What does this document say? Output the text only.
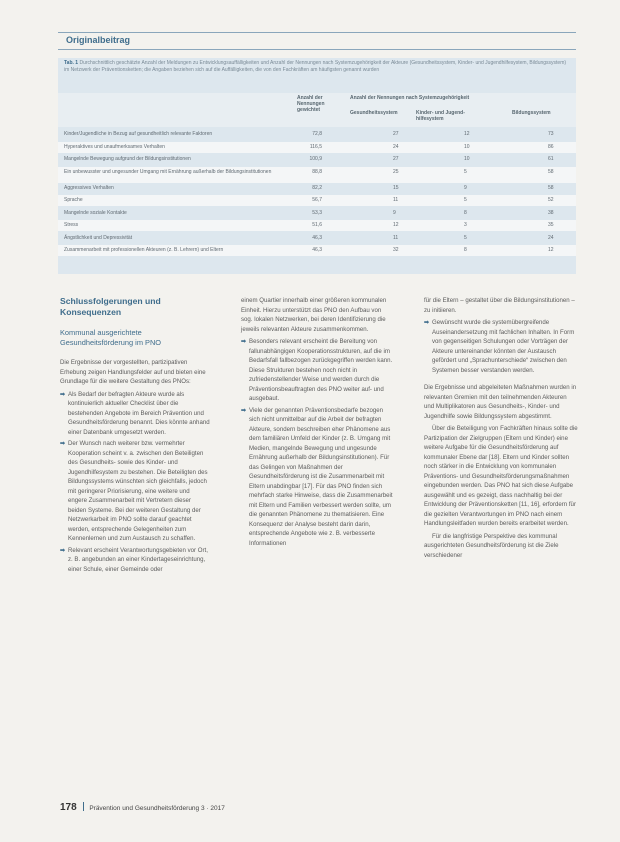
Originalbeitrag
Tab. 1 Durchschnittlich geschätzte Anzahl der Meldungen zu Entwicklungsauffälligkeiten und Anzahl der Nennungen nach Systemzugehörigkeit der Akteure (Gesundheitssystem, Kinder- und Jugendhilfesystem, Bildungssystem) im Netzwerk der Präventionsketten; die Angaben beziehen sich auf die Auffälligkeiten, die von den Fachkräften am häufigsten genannt wurden
Anzahl der Nennungen gewichtet
Anzahl der Nennungen nach Systemzugehörigkeit
Gesundheitssystem	Kinder- und Jugend-hilfesystem
Bildungssystem
Kinder/Jugendliche in Bezug auf gesundheitlich relevante Faktoren	72,8	27	12	73
Hyperaktives und unaufmerksames Verhalten	116,5	24	10	86
Mangelnde Bewegung aufgrund der Bildungsinstitutionen	100,9	27	10	61
Ein unbewusster und ungesunder Umgang mit Ernährung außerhalb der Bildungsinstitutionen	88,8	25	5	58
Aggressives Verhalten	82,2	15	9	58
Sprache	56,7	11	5	52
Mangelnde soziale Kontakte	53,3	9	8	38
Stress	51,6	12	3	35
Ängstlichkeit und Depressivität	46,3	11	5	24
Zusammenarbeit mit professionellen Akteuren (z. B. Lehrern) und Eltern	46,3	32	8	12
Schlussfolgerungen und Konsequenzen
Kommunal ausgerichtete Gesundheitsförderung im PNO

Die Ergebnisse der vorgestellten, partizipativen Erhebung zeigen Handlungsfelder auf und bieten eine Grundlage für die weitere Gestaltung des PNOs:

➡ Als Bedarf der befragten Akteure wurde als kontinuierlich aktueller Checklist über die bestehenden Angebote im Bereich Prävention und Gesundheitsförderung benannt. Dies könnte anhand einer Datenbank umgesetzt werden.
➡ Der Wunsch nach weiterer bzw. vermehrter Kooperation scheint v. a. zwischen den Beteiligten des Gesundheits- sowie des Kinder- und Jugendhilfesystem zu bestehen. Die Beteiligten des Bildungssystems wünschten sich gleichfalls, jedoch mit geringerer Priorisierung, eine weitere und engere Zusammenarbeit mit Vertretern dieser beiden Systeme. Bei der weiteren Gestaltung der Netzwerkarbeit im PNO sollte darauf geachtet werden, entsprechende Gelegenheiten zum Kennenlernen und zum Austausch zu schaffen.
➡ Relevant erscheint Verantwortungsgebieten vor Ort, z. B. angebunden an einer Kindertageseinrichtung, einer Schule, einer Gemeinde oder

einem Quartier innerhalb einer größeren kommunalen Einheit. Hierzu unterstützt das PNO den Aufbau von sog. lokalen Netzwerken, bei deren Identifizierung die jeweils relevanten Akteure zusammenkommen.

➡ Besonders relevant erscheint die Bereitung von fallunabhängigen Kooperationsstrukturen, auf die im Bedarfsfall fallbezogen zurückgegriffen werden kann. Diese Strukturen bestehen noch nicht in zufriedenstellender Weise und werden durch die Präventionsbeauftragten des PNO weiter auf- und ausgebaut.
➡ Viele der genannten Präventionsbedarfe bezogen sich nicht unmittelbar auf die Arbeit der befragten Akteure, sondern beschreiben eher Phänomene aus dem familiären Umfeld der Kinder (z. B. Umgang mit Medien, mangelnde Bewegung und ungesunde Ernährung außerhalb der Bildungsinstitutionen). Für das Gelingen von Maßnahmen der Gesundheitsförderung ist die Zusammenarbeit mit Eltern unabdingbar [17]. Für das PNO finden sich mehrfach starke Hinweise, dass die Zusammenarbeit mit Eltern und Familien verbessert werden sollte, um die genannten Phänomene zu thematisieren. Eine Konsequenz der Analyse besteht darin darin, entsprechende Angebote wie z. B. verbesserte Informationen

für die Eltern – gestaltet über die Bildungsinstitutionen – zu initiieren.

➡ Gewünscht wurde die systemübergreifende Auseinandersetzung mit fachlichen Inhalten. In Form von gegenseitigen Schulungen oder Vorträgen der Akteure untereinander könnten der Austausch gefördert und „Sprachunterschiede“ zwischen den Systemen besser verstanden werden.

Die Ergebnisse und abgeleiteten Maßnahmen wurden in relevanten Gremien mit den teilnehmenden Akteuren und Multiplikatoren aus Gesundheits-, Kinder- und Jugendhilfe sowie Bildungssystem abgestimmt.

Über die Beteiligung von Fachkräften hinaus sollte die Partizipation der Zielgruppen (Eltern und Kinder) eine weitere Aufgabe für die Gesundheitsförderung auf kommunaler Ebene dar [18]. Eltern und Kinder sollten noch stärker in die Entwicklung von kommunalen Präventions- und Gesundheitsförderungsmaßnahmen eingebunden werden. Das PNO hat sich diese Aufgabe ausgewählt und es gezeigt, dass nachhaltig bei der Entwicklung der Präventionsketten [11, 16], erfordern für die gezielten Verantwortungen im PNO nach einem Handlungsleitfaden wurden bereits erarbeitet werden.

Für die langfristige Perspektive des kommunal ausgerichteten Gesundheitsförderung ist die Ziele verschiedener

178 Prävention und Gesundheitsförderung 3 · 2017
